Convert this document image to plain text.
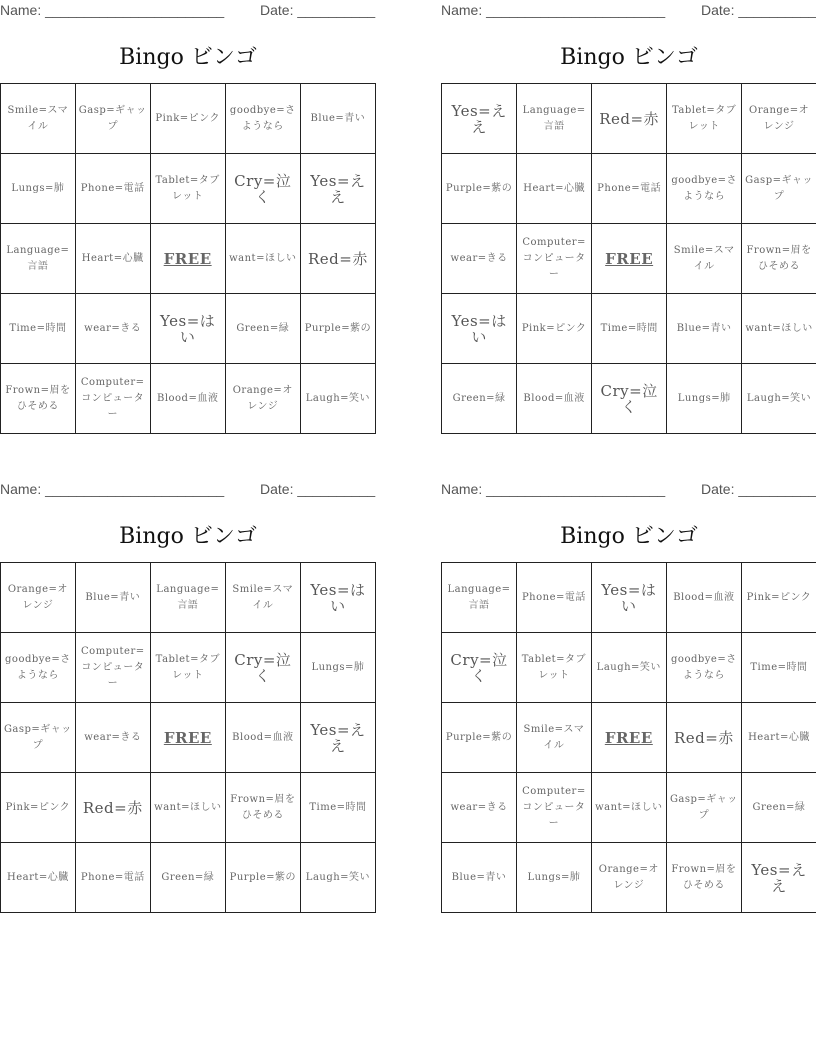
Name: _______________________	Date: __________
Bingo ビンゴ
Smile=スマイル	Gasp=ギャップ	Pink=ピンク	goodbye=さようなら	Blue=青い
Lungs=肺	Phone=電話	Tablet=タブレット	Cry=泣く	Yes=ええ
Language=言語	Heart=心臓	FREE	want=ほしい	Red=赤
Time=時間	wear=きる	Yes=はい	Green=緑	Purple=紫の
Frown=眉をひそめる	Computer=コンピューター	Blood=血液	Orange=オレンジ	Laugh=笑い
Name: _______________________	Date: __________
Bingo ビンゴ
Yes=ええ	Language=言語	Red=赤	Tablet=タブレット	Orange=オレンジ
Purple=紫の	Heart=心臓	Phone=電話	goodbye=さようなら	Gasp=ギャップ
wear=きる	Computer=コンピューター	FREE	Smile=スマイル	Frown=眉をひそめる
Yes=はい	Pink=ピンク	Time=時間	Blue=青い	want=ほしい
Green=緑	Blood=血液	Cry=泣く	Lungs=肺	Laugh=笑い
Name: _______________________	Date: __________
Bingo ビンゴ
Orange=オレンジ	Blue=青い	Language=言語	Smile=スマイル	Yes=はい
goodbye=さようなら	Computer=コンピューター	Tablet=タブレット	Cry=泣く	Lungs=肺
Gasp=ギャップ	wear=きる	FREE	Blood=血液	Yes=ええ
Pink=ピンク	Red=赤	want=ほしい	Frown=眉をひそめる	Time=時間
Heart=心臓	Phone=電話	Green=緑	Purple=紫の	Laugh=笑い
Name: _______________________	Date: __________
Bingo ビンゴ
Language=言語	Phone=電話	Yes=はい	Blood=血液	Pink=ピンク
Cry=泣く	Tablet=タブレット	Laugh=笑い	goodbye=さようなら	Time=時間
Purple=紫の	Smile=スマイル	FREE	Red=赤	Heart=心臓
wear=きる	Computer=コンピューター	want=ほしい	Gasp=ギャップ	Green=緑
Blue=青い	Lungs=肺	Orange=オレンジ	Frown=眉をひそめる	Yes=ええ
